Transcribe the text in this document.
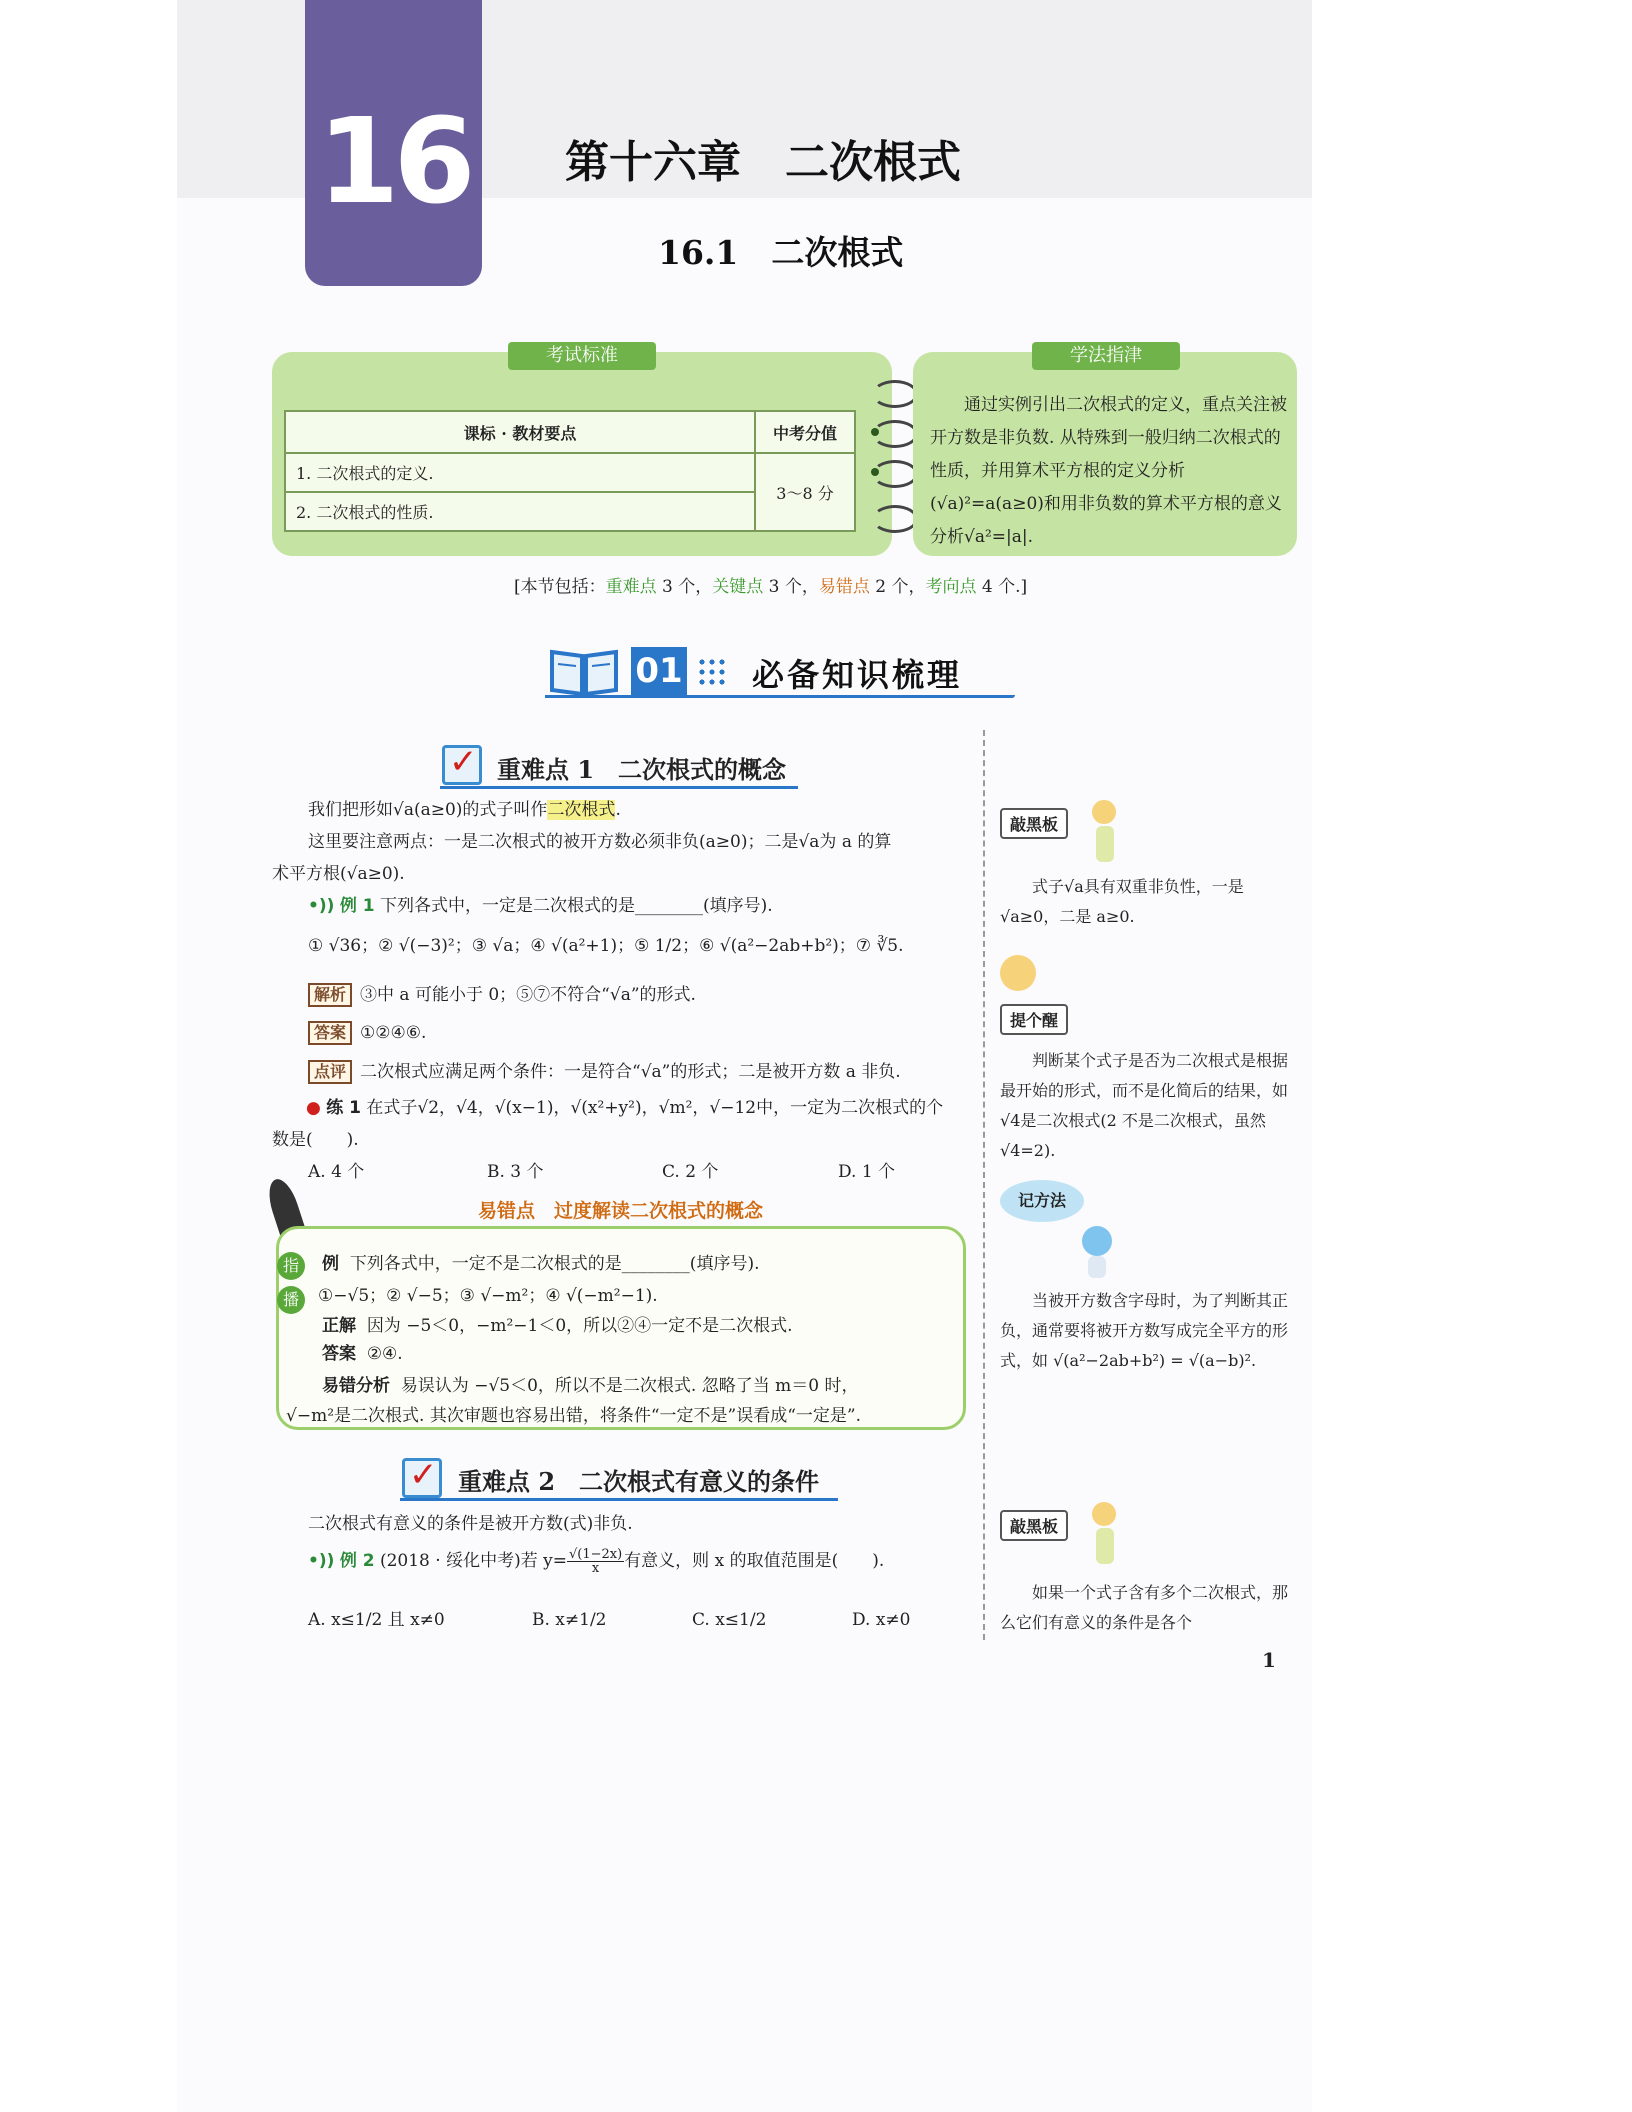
16 第十六章　二次根式
16.1　二次根式
考试标准
课标 · 教材要点	中考分值
1. 二次根式的定义.	3～8 分
2. 二次根式的性质.	
学法指津
通过实例引出二次根式的定义，重点关注被开方数是非负数. 从特殊到一般归纳二次根式的性质，并用算术平方根的定义分析(√a)²=a(a≥0)和用非负数的算术平方根的意义分析√a²=|a|.
[本节包括：重难点 3 个，关键点 3 个，易错点 2 个，考向点 4 个.]
01 必备知识梳理
✓ 重难点 1　二次根式的概念
我们把形如√a(a≥0)的式子叫作二次根式.
这里要注意两点：一是二次根式的被开方数必须非负(a≥0)；二是√a为 a 的算
术平方根(√a≥0).
•)) 例 1 下列各式中，一定是二次根式的是________(填序号).
① √36；② √(−3)²；③ √a；④ √(a²+1)；⑤ 1/2；⑥ √(a²−2ab+b²)；⑦ ∛5.
解析 ③中 a 可能小于 0；⑤⑦不符合“√a”的形式.
答案 ①②④⑥.
点评 二次根式应满足两个条件：一是符合“√a”的形式；二是被开方数 a 非负.
● 练 1 在式子√2，√4，√(x−1)，√(x²+y²)，√m²，√−12中，一定为二次根式的个
数是(　　).
A. 4 个	B. 3 个	C. 2 个	D. 1 个
易错点　过度解读二次根式的概念
指
播
例 下列各式中，一定不是二次根式的是________(填序号).
①−√5；② √−5；③ √−m²；④ √(−m²−1).
正解 因为 −5＜0，−m²−1＜0，所以②④一定不是二次根式.
答案 ②④.
易错分析 易误认为 −√5＜0，所以不是二次根式. 忽略了当 m＝0 时，
√−m²是二次根式. 其次审题也容易出错，将条件“一定不是”误看成“一定是”.
✓ 重难点 2　二次根式有意义的条件
二次根式有意义的条件是被开方数(式)非负.
•)) 例 2 (2018 · 绥化中考)若 $y= \frac{√(1-2x)}{x}$ 有意义，则 x 的取值范围是(　　).
A. x≤1/2 且 x≠0	B. x≠1/2	C. x≤1/2	D. x≠0
敲黑板
式子√a具有双重非负性，一是√a≥0，二是 a≥0.
提个醒
判断某个式子是否为二次根式是根据最开始的形式，而不是化简后的结果，如√4是二次根式(2 不是二次根式，虽然√4=2).
记方法
当被开方数含字母时，为了判断其正负，通常要将被开方数写成完全平方的形式，如 √(a²−2ab+b²) = √(a−b)².
敲黑板
如果一个式子含有多个二次根式，那么它们有意义的条件是各个
1
